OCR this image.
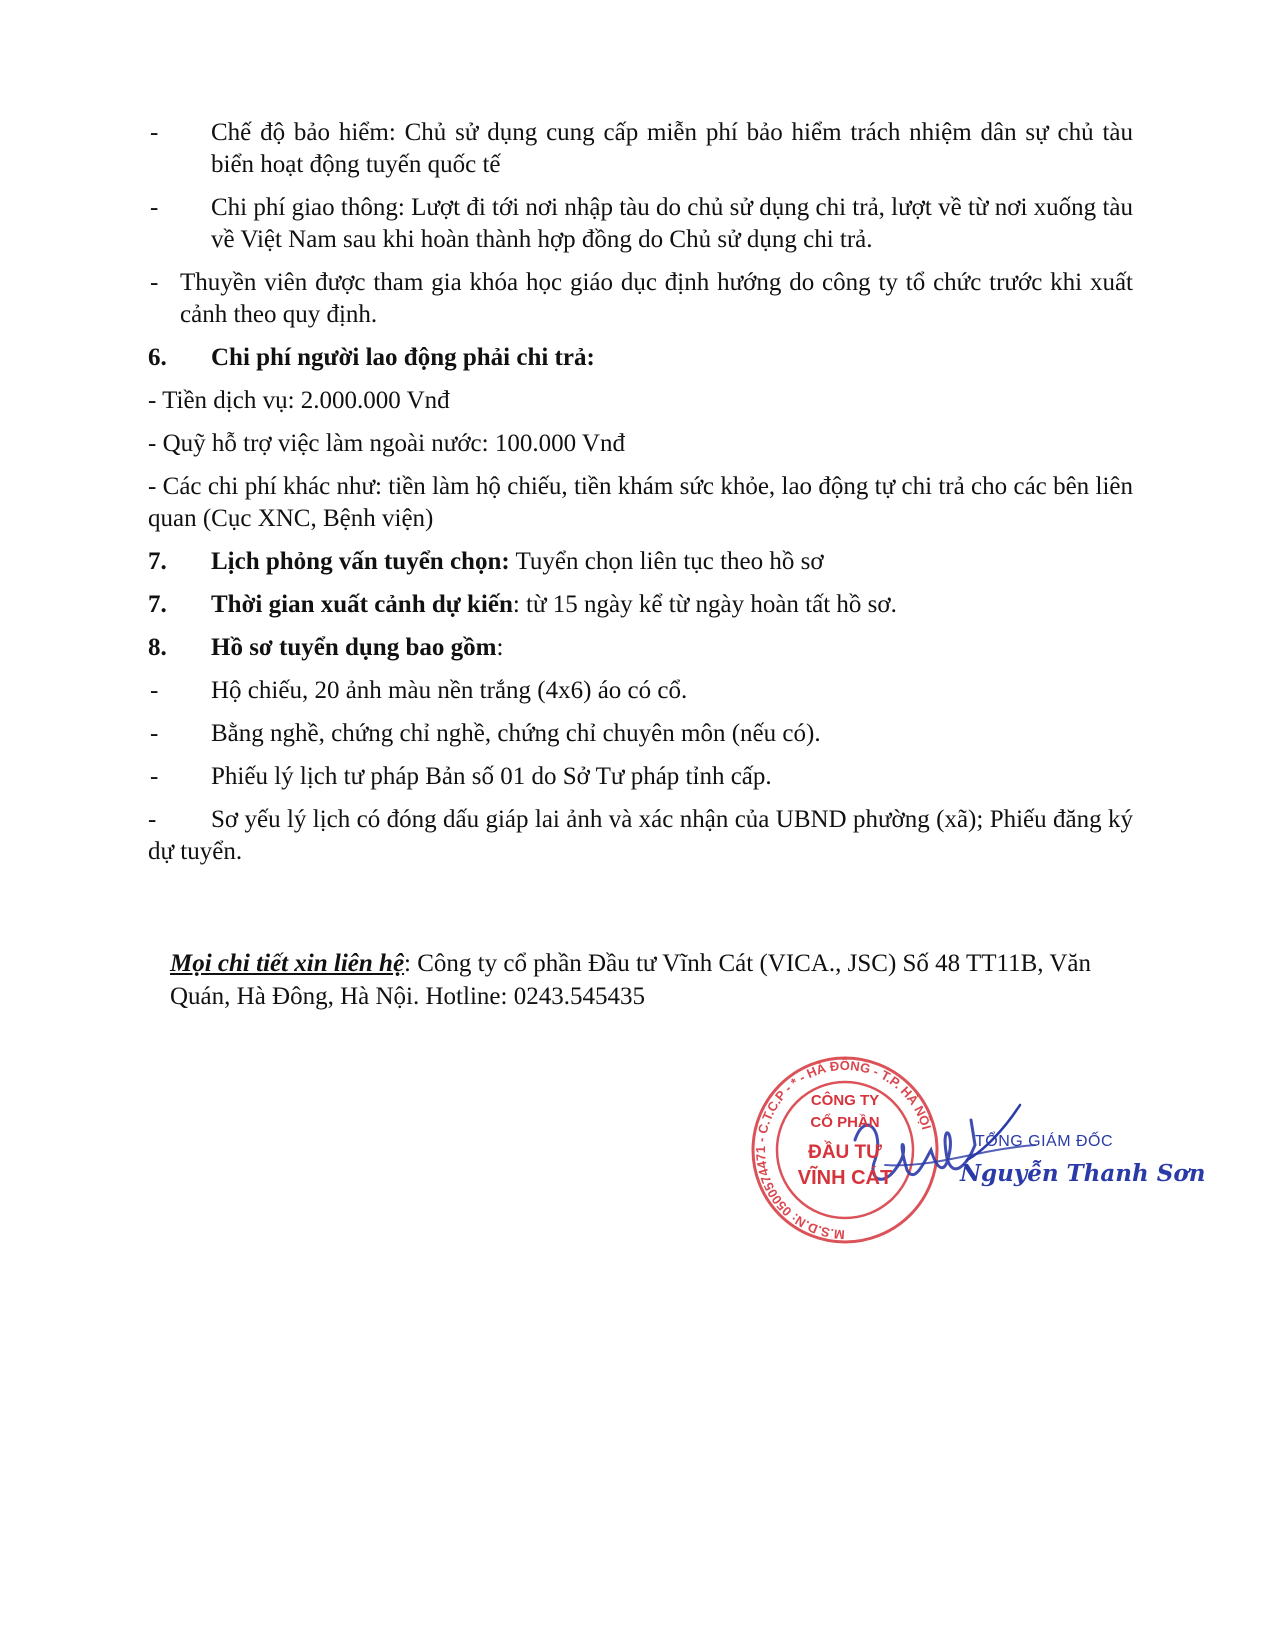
- Chế độ bảo hiểm: Chủ sử dụng cung cấp miễn phí bảo hiểm trách nhiệm dân sự chủ tàu biển hoạt động tuyến quốc tế
- Chi phí giao thông: Lượt đi tới nơi nhập tàu do chủ sử dụng chi trả, lượt về từ nơi xuống tàu về Việt Nam sau khi hoàn thành hợp đồng do Chủ sử dụng chi trả.
- Thuyền viên được tham gia khóa học giáo dục định hướng do công ty tổ chức trước khi xuất cảnh theo quy định.
6. Chi phí người lao động phải chi trả:
- Tiền dịch vụ: 2.000.000 Vnđ
- Quỹ hỗ trợ việc làm ngoài nước: 100.000 Vnđ
- Các chi phí khác như: tiền làm hộ chiếu, tiền khám sức khỏe, lao động tự chi trả cho các bên liên quan (Cục XNC, Bệnh viện)
7. Lịch phỏng vấn tuyển chọn: Tuyển chọn liên tục theo hồ sơ
7. Thời gian xuất cảnh dự kiến: từ 15 ngày kể từ ngày hoàn tất hồ sơ.
8. Hồ sơ tuyển dụng bao gồm:
- Hộ chiếu, 20 ảnh màu nền trắng (4x6) áo có cổ.
- Bằng nghề, chứng chỉ nghề, chứng chỉ chuyên môn (nếu có).
- Phiếu lý lịch tư pháp Bản số 01 do Sở Tư pháp tỉnh cấp.
- Sơ yếu lý lịch có đóng dấu giáp lai ảnh và xác nhận của UBND phường (xã); Phiếu đăng ký dự tuyển.
Mọi chi tiết xin liên hệ: Công ty cổ phần Đầu tư Vĩnh Cát (VICA., JSC) Số 48 TT11B, Văn Quán, Hà Đông, Hà Nội. Hotline: 0243.545435
M.S.D.N: 0500574471 - C.T.C.P - * - HÀ ĐÔNG - T.P. HÀ NỘI
CÔNG TY
CỔ PHẦN
ĐẦU TƯ
VĨNH CÁT
TỔNG GIÁM ĐỐC
Nguyễn Thanh Sơn
